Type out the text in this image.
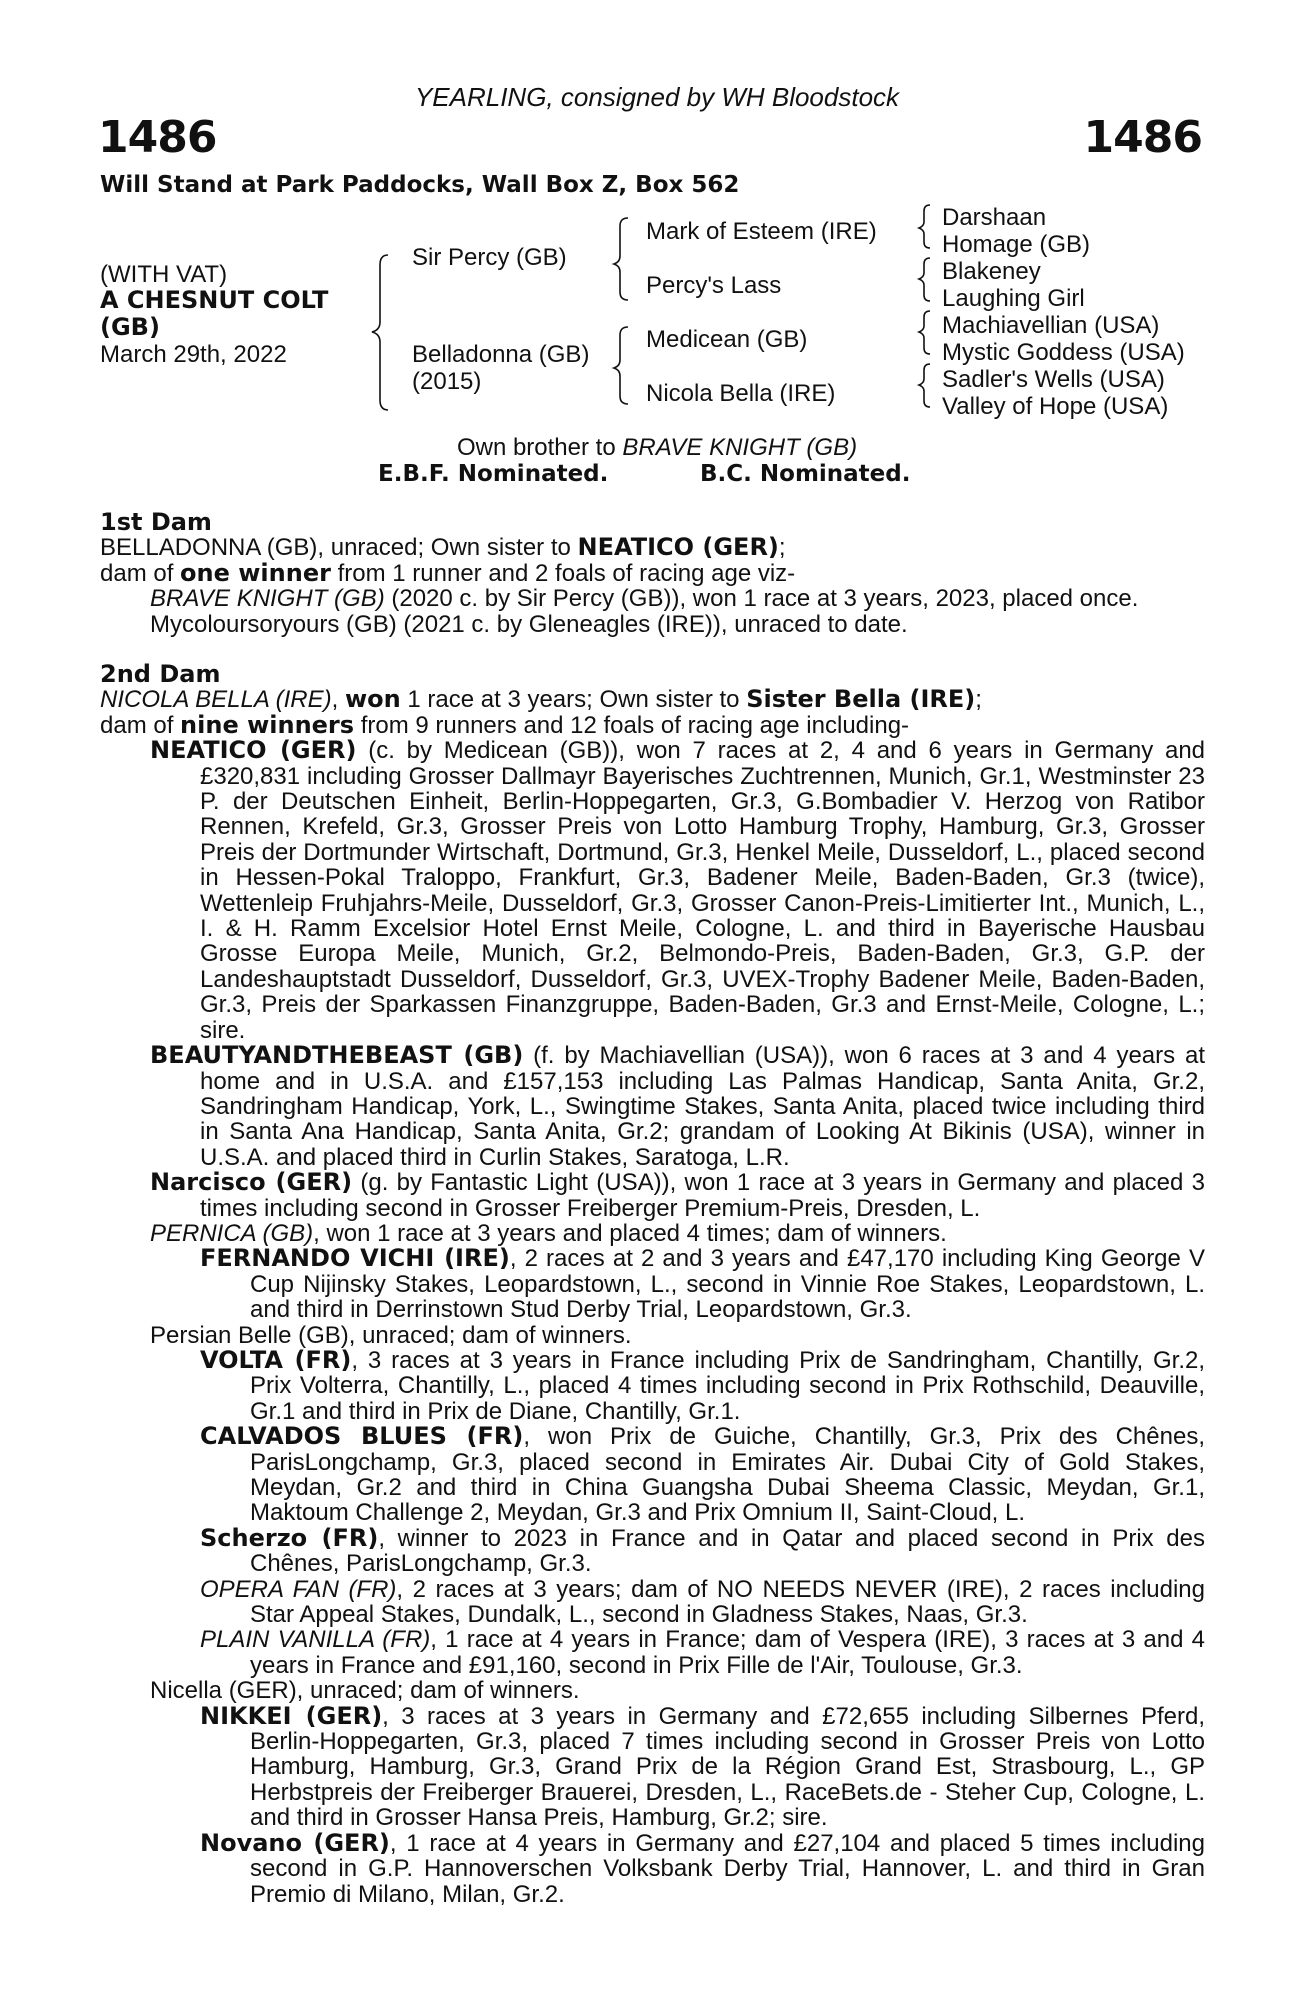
YEARLING, consigned by WH Bloodstock
1486	1486
Will Stand at Park Paddocks, Wall Box Z, Box 562
(WITH VAT)
A CHESNUT COLT
(GB)
March 29th, 2022
Sir Percy (GB)
Belladonna (GB)
(2015)
Mark of Esteem (IRE)
Percy's Lass
Medicean (GB)
Nicola Bella (IRE)
Darshaan
Homage (GB)
Blakeney
Laughing Girl
Machiavellian (USA)
Mystic Goddess (USA)
Sadler's Wells (USA)
Valley of Hope (USA)
Own brother to BRAVE KNIGHT (GB)
E.B.F. Nominated.	B.C. Nominated.

1st Dam

BELLADONNA (GB), unraced; Own sister to NEATICO (GER);

dam of one winner from 1 runner and 2 foals of racing age viz-

BRAVE KNIGHT (GB) (2020 c. by Sir Percy (GB)), won 1 race at 3 years, 2023, placed once.

Mycoloursoryours (GB) (2021 c. by Gleneagles (IRE)), unraced to date.

2nd Dam

NICOLA BELLA (IRE), won 1 race at 3 years; Own sister to Sister Bella (IRE);

dam of nine winners from 9 runners and 12 foals of racing age including-

NEATICO (GER) (c. by Medicean (GB)), won 7 races at 2, 4 and 6 years in Germany and £320,831 including Grosser Dallmayr Bayerisches Zuchtrennen, Munich, Gr.1, Westminster 23 P. der Deutschen Einheit, Berlin-Hoppegarten, Gr.3, G.Bombadier V. Herzog von Ratibor Rennen, Krefeld, Gr.3, Grosser Preis von Lotto Hamburg Trophy, Hamburg, Gr.3, Grosser Preis der Dortmunder Wirtschaft, Dortmund, Gr.3, Henkel Meile, Dusseldorf, L., placed second in Hessen-Pokal Traloppo, Frankfurt, Gr.3, Badener Meile, Baden-Baden, Gr.3 (twice), Wettenleip Fruhjahrs-Meile, Dusseldorf, Gr.3, Grosser Canon-Preis-Limitierter Int., Munich, L., I. & H. Ramm Excelsior Hotel Ernst Meile, Cologne, L. and third in Bayerische Hausbau Grosse Europa Meile, Munich, Gr.2, Belmondo-Preis, Baden-Baden, Gr.3, G.P. der Landeshauptstadt Dusseldorf, Dusseldorf, Gr.3, UVEX-Trophy Badener Meile, Baden-Baden, Gr.3, Preis der Sparkassen Finanzgruppe, Baden-Baden, Gr.3 and Ernst-Meile, Cologne, L.; sire.

BEAUTYANDTHEBEAST (GB) (f. by Machiavellian (USA)), won 6 races at 3 and 4 years at home and in U.S.A. and £157,153 including Las Palmas Handicap, Santa Anita, Gr.2, Sandringham Handicap, York, L., Swingtime Stakes, Santa Anita, placed twice including third in Santa Ana Handicap, Santa Anita, Gr.2; grandam of Looking At Bikinis (USA), winner in U.S.A. and placed third in Curlin Stakes, Saratoga, L.R.

Narcisco (GER) (g. by Fantastic Light (USA)), won 1 race at 3 years in Germany and placed 3 times including second in Grosser Freiberger Premium-Preis, Dresden, L.

PERNICA (GB), won 1 race at 3 years and placed 4 times; dam of winners.

FERNANDO VICHI (IRE), 2 races at 2 and 3 years and £47,170 including King George V Cup Nijinsky Stakes, Leopardstown, L., second in Vinnie Roe Stakes, Leopardstown, L. and third in Derrinstown Stud Derby Trial, Leopardstown, Gr.3.

Persian Belle (GB), unraced; dam of winners.

VOLTA (FR), 3 races at 3 years in France including Prix de Sandringham, Chantilly, Gr.2, Prix Volterra, Chantilly, L., placed 4 times including second in Prix Rothschild, Deauville, Gr.1 and third in Prix de Diane, Chantilly, Gr.1.

CALVADOS BLUES (FR), won Prix de Guiche, Chantilly, Gr.3, Prix des Chênes, ParisLongchamp, Gr.3, placed second in Emirates Air. Dubai City of Gold Stakes, Meydan, Gr.2 and third in China Guangsha Dubai Sheema Classic, Meydan, Gr.1, Maktoum Challenge 2, Meydan, Gr.3 and Prix Omnium II, Saint-Cloud, L.

Scherzo (FR), winner to 2023 in France and in Qatar and placed second in Prix des Chênes, ParisLongchamp, Gr.3.

OPERA FAN (FR), 2 races at 3 years; dam of NO NEEDS NEVER (IRE), 2 races including Star Appeal Stakes, Dundalk, L., second in Gladness Stakes, Naas, Gr.3.

PLAIN VANILLA (FR), 1 race at 4 years in France; dam of Vespera (IRE), 3 races at 3 and 4 years in France and £91,160, second in Prix Fille de l'Air, Toulouse, Gr.3.

Nicella (GER), unraced; dam of winners.

NIKKEI (GER), 3 races at 3 years in Germany and £72,655 including Silbernes Pferd, Berlin-Hoppegarten, Gr.3, placed 7 times including second in Grosser Preis von Lotto Hamburg, Hamburg, Gr.3, Grand Prix de la Région Grand Est, Strasbourg, L., GP Herbstpreis der Freiberger Brauerei, Dresden, L., RaceBets.de - Steher Cup, Cologne, L. and third in Grosser Hansa Preis, Hamburg, Gr.2; sire.

Novano (GER), 1 race at 4 years in Germany and £27,104 and placed 5 times including second in G.P. Hannoverschen Volksbank Derby Trial, Hannover, L. and third in Gran Premio di Milano, Milan, Gr.2.
